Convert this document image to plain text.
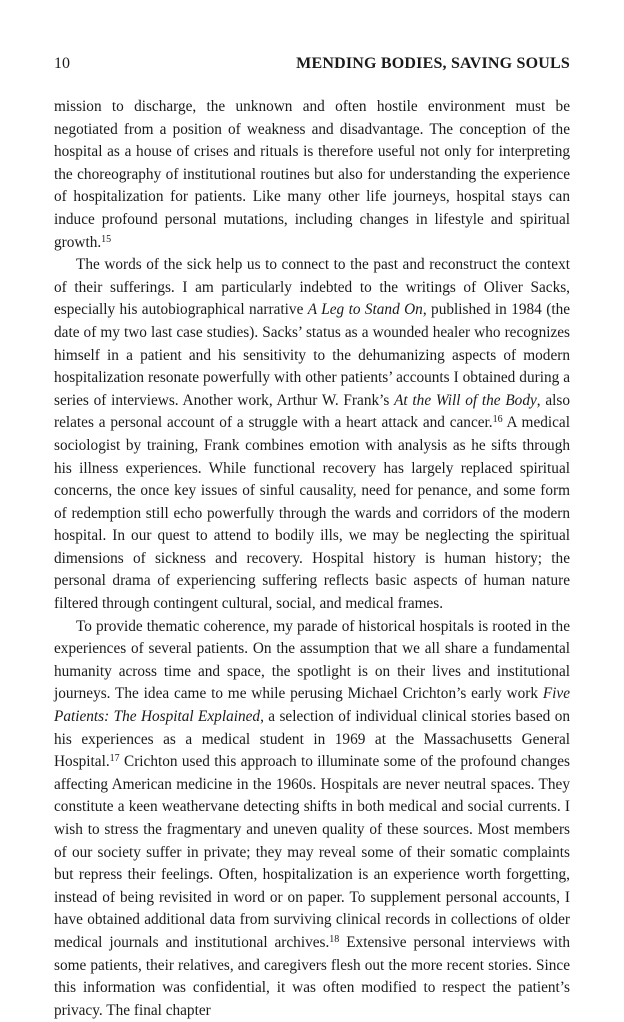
10	MENDING BODIES, SAVING SOULS

mission to discharge, the unknown and often hostile environment must be negotiated from a position of weakness and disadvantage. The conception of the hospital as a house of crises and rituals is therefore useful not only for interpreting the choreography of institutional routines but also for understanding the experience of hospitalization for patients. Like many other life journeys, hospital stays can induce profound personal mutations, including changes in lifestyle and spiritual growth.$^{15}$

The words of the sick help us to connect to the past and reconstruct the context of their sufferings. I am particularly indebted to the writings of Oliver Sacks, especially his autobiographical narrative A Leg to Stand On, published in 1984 (the date of my two last case studies). Sacks’ status as a wounded healer who recognizes himself in a patient and his sensitivity to the dehumanizing aspects of modern hospitalization resonate powerfully with other patients’ accounts I obtained during a series of interviews. Another work, Arthur W. Frank’s At the Will of the Body, also relates a personal account of a struggle with a heart attack and cancer.$^{16}$ A medical sociologist by training, Frank combines emotion with analysis as he sifts through his illness experiences. While functional recovery has largely replaced spiritual concerns, the once key issues of sinful causality, need for penance, and some form of redemption still echo powerfully through the wards and corridors of the modern hospital. In our quest to attend to bodily ills, we may be neglecting the spiritual dimensions of sickness and recovery. Hospital history is human history; the personal drama of experiencing suffering reflects basic aspects of human nature filtered through contingent cultural, social, and medical frames.

To provide thematic coherence, my parade of historical hospitals is rooted in the experiences of several patients. On the assumption that we all share a fundamental humanity across time and space, the spotlight is on their lives and institutional journeys. The idea came to me while perusing Michael Crichton’s early work Five Patients: The Hospital Explained, a selection of individual clinical stories based on his experiences as a medical student in 1969 at the Massachusetts General Hospital.$^{17}$ Crichton used this approach to illuminate some of the profound changes affecting American medicine in the 1960s. Hospitals are never neutral spaces. They constitute a keen weathervane detecting shifts in both medical and social currents. I wish to stress the fragmentary and uneven quality of these sources. Most members of our society suffer in private; they may reveal some of their somatic complaints but repress their feelings. Often, hospitalization is an experience worth forgetting, instead of being revisited in word or on paper. To supplement personal accounts, I have obtained additional data from surviving clinical records in collections of older medical journals and institutional archives.$^{18}$ Extensive personal interviews with some patients, their relatives, and caregivers flesh out the more recent stories. Since this information was confidential, it was often modified to respect the patient’s privacy. The final chapter
